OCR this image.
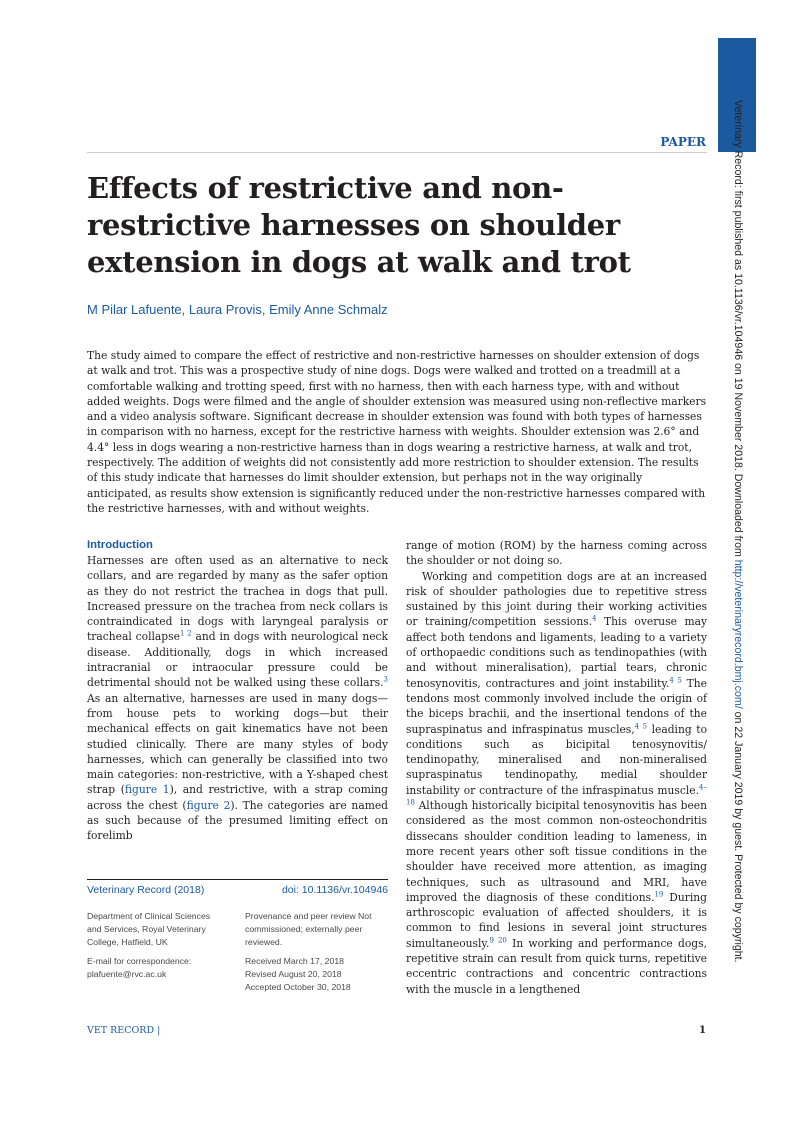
Veterinary Record: first published as 10.1136/vr.104946 on 19 November 2018. Downloaded from http://veterinaryrecord.bmj.com/ on 22 January 2019 by guest. Protected by copyright.
PAPER
Effects of restrictive and non-restrictive harnesses on shoulder extension in dogs at walk and trot
M Pilar Lafuente, Laura Provis, Emily Anne Schmalz

The study aimed to compare the effect of restrictive and non-restrictive harnesses on shoulder extension of dogs at walk and trot. This was a prospective study of nine dogs. Dogs were walked and trotted on a treadmill at a comfortable walking and trotting speed, first with no harness, then with each harness type, with and without added weights. Dogs were filmed and the angle of shoulder extension was measured using non-reflective markers and a video analysis software. Significant decrease in shoulder extension was found with both types of harnesses in comparison with no harness, except for the restrictive harness with weights. Shoulder extension was 2.6° and 4.4° less in dogs wearing a non-restrictive harness than in dogs wearing a restrictive harness, at walk and trot, respectively. The addition of weights did not consistently add more restriction to shoulder extension. The results of this study indicate that harnesses do limit shoulder extension, but perhaps not in the way originally anticipated, as results show extension is significantly reduced under the non-restrictive harnesses compared with the restrictive harnesses, with and without weights.

Introduction

Harnesses are often used as an alternative to neck collars, and are regarded by many as the safer option as they do not restrict the trachea in dogs that pull. Increased pressure on the trachea from neck collars is contraindicated in dogs with laryngeal paralysis or tracheal collapse$^{1 2}$ and in dogs with neurological neck disease. Additionally, dogs in which increased intracranial or intraocular pressure could be detrimental should not be walked using these collars.$^3$ As an alternative, harnesses are used in many dogs—from house pets to working dogs—but their mechanical effects on gait kinematics have not been studied clinically. There are many styles of body harnesses, which can generally be classified into two main categories: non-restrictive, with a Y-shaped chest strap (figure 1), and restrictive, with a strap coming across the chest (figure 2). The categories are named as such because of the presumed limiting effect on forelimb

range of motion (ROM) by the harness coming across the shoulder or not doing so.

Working and competition dogs are at an increased risk of shoulder pathologies due to repetitive stress sustained by this joint during their working activities or training/competition sessions.$^4$ This overuse may affect both tendons and ligaments, leading to a variety of orthopaedic conditions such as tendinopathies (with and without mineralisation), partial tears, chronic tenosynovitis, contractures and joint instability.$^{4 5}$ The tendons most commonly involved include the origin of the biceps brachii, and the insertional tendons of the supraspinatus and infraspinatus muscles,$^{4 5}$ leading to conditions such as bicipital tenosynovitis/ tendinopathy, mineralised and non-mineralised supraspinatus tendinopathy, medial shoulder instability or contracture of the infraspinatus muscle.$^{4-18}$ Although historically bicipital tenosynovitis has been considered as the most common non-osteochondritis dissecans shoulder condition leading to lameness, in more recent years other soft tissue conditions in the shoulder have received more attention, as imaging techniques, such as ultrasound and MRI, have improved the diagnosis of these conditions.$^{19}$ During arthroscopic evaluation of affected shoulders, it is common to find lesions in several joint structures simultaneously.$^{9 20}$ In working and performance dogs, repetitive strain can result from quick turns, repetitive eccentric contractions and concentric contractions with the muscle in a lengthened

Veterinary Record (2018)	doi: 10.1136/vr.104946

Department of Clinical Sciences and Services, Royal Veterinary College, Hatfield, UK

E-mail for correspondence: plafuente@rvc.ac.uk

Provenance and peer review Not commissioned; externally peer reviewed.

Received March 17, 2018
Revised August 20, 2018
Accepted October 30, 2018
VET RECORD |	1
